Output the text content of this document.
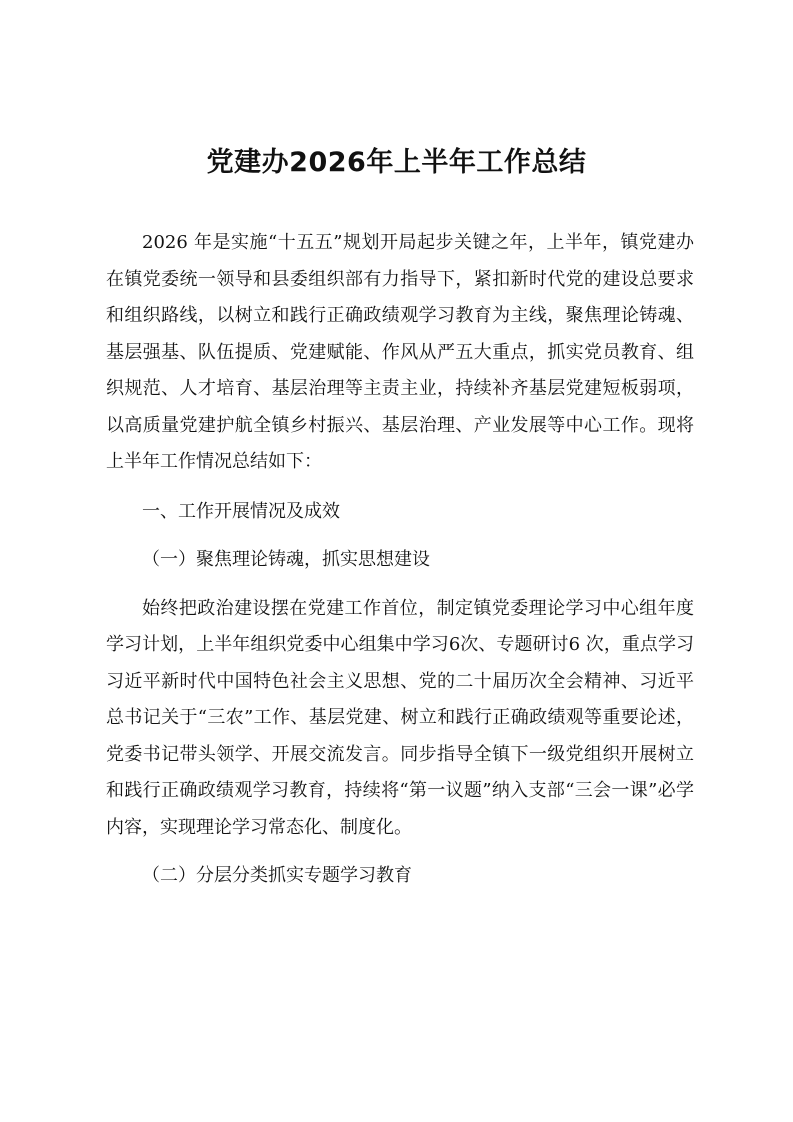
党建办2026年上半年工作总结

2026 年是实施“十五五”规划开局起步关键之年，上半年，镇党建办在镇党委统一领导和县委组织部有力指导下，紧扣新时代党的建设总要求和组织路线，以树立和践行正确政绩观学习教育为主线，聚焦理论铸魂、基层强基、队伍提质、党建赋能、作风从严五大重点，抓实党员教育、组织规范、人才培育、基层治理等主责主业，持续补齐基层党建短板弱项，以高质量党建护航全镇乡村振兴、基层治理、产业发展等中心工作。现将上半年工作情况总结如下：

一、工作开展情况及成效

（一）聚焦理论铸魂，抓实思想建设

始终把政治建设摆在党建工作首位，制定镇党委理论学习中心组年度学习计划，上半年组织党委中心组集中学习6次、专题研讨6 次，重点学习习近平新时代中国特色社会主义思想、党的二十届历次全会精神、习近平总书记关于“三农”工作、基层党建、树立和践行正确政绩观等重要论述，党委书记带头领学、开展交流发言。同步指导全镇下一级党组织开展树立和践行正确政绩观学习教育，持续将“第一议题”纳入支部“三会一课”必学内容，实现理论学习常态化、制度化。

（二）分层分类抓实专题学习教育
